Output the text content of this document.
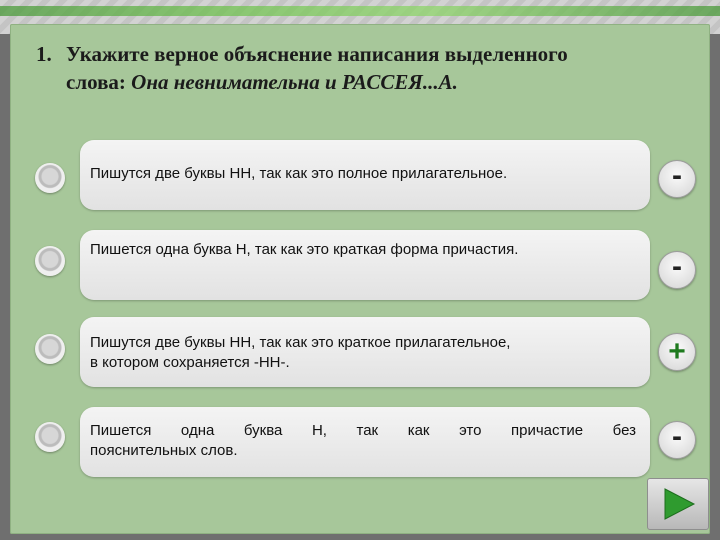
1. Укажите верное объяснение написания выделенного
слова: Она невнимательна и РАССЕЯ...А.
Пишутся две буквы НН, так как это полное прилагательное.	-
Пишется одна буква Н, так как это краткая форма причастия.
-
Пишутся две буквы НН, так как это краткое прилагательное,
в котором сохраняется -НН-.	+
Пишется одна буква Н, так как это причастие без
пояснительных слов.	-
